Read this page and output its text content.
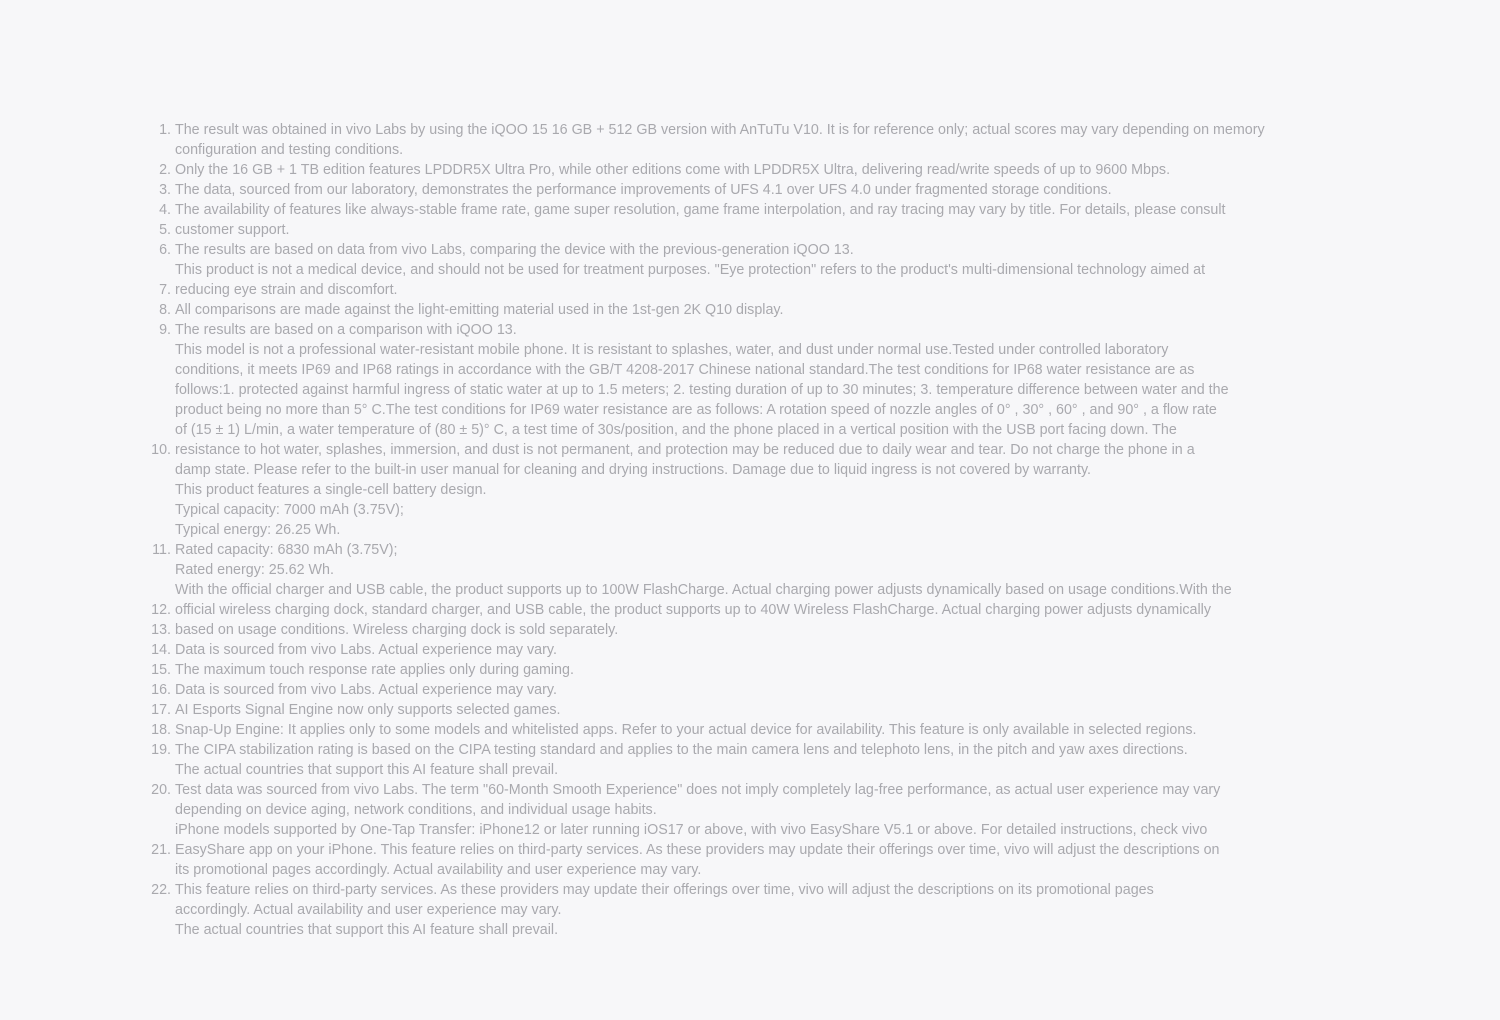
1. The result was obtained in vivo Labs by using the iQOO 15 16 GB + 512 GB version with AnTuTu V10. It is for reference only; actual scores may vary depending on memory
configuration and testing conditions.
2. Only the 16 GB + 1 TB edition features LPDDR5X Ultra Pro, while other editions come with LPDDR5X Ultra, delivering read/write speeds of up to 9600 Mbps.
3. The data, sourced from our laboratory, demonstrates the performance improvements of UFS 4.1 over UFS 4.0 under fragmented storage conditions.
4. The availability of features like always-stable frame rate, game super resolution, game frame interpolation, and ray tracing may vary by title. For details, please consult
5. customer support.
6. The results are based on data from vivo Labs, comparing the device with the previous-generation iQOO 13.
This product is not a medical device, and should not be used for treatment purposes. "Eye protection" refers to the product's multi-dimensional technology aimed at
7. reducing eye strain and discomfort.
8. All comparisons are made against the light-emitting material used in the 1st-gen 2K Q10 display.
9. The results are based on a comparison with iQOO 13.
This model is not a professional water-resistant mobile phone. It is resistant to splashes, water, and dust under normal use.Tested under controlled laboratory
conditions, it meets IP69 and IP68 ratings in accordance with the GB/T 4208-2017 Chinese national standard.The test conditions for IP68 water resistance are as
follows:1. protected against harmful ingress of static water at up to 1.5 meters; 2. testing duration of up to 30 minutes; 3. temperature difference between water and the
product being no more than 5° C.The test conditions for IP69 water resistance are as follows: A rotation speed of nozzle angles of 0° , 30° , 60° , and 90° , a flow rate
of (15 ± 1) L/min, a water temperature of (80 ± 5)° C, a test time of 30s/position, and the phone placed in a vertical position with the USB port facing down. The
10. resistance to hot water, splashes, immersion, and dust is not permanent, and protection may be reduced due to daily wear and tear. Do not charge the phone in a
damp state. Please refer to the built-in user manual for cleaning and drying instructions. Damage due to liquid ingress is not covered by warranty.
This product features a single-cell battery design.
Typical capacity: 7000 mAh (3.75V);
Typical energy: 26.25 Wh.
11. Rated capacity: 6830 mAh (3.75V);
Rated energy: 25.62 Wh.
With the official charger and USB cable, the product supports up to 100W FlashCharge. Actual charging power adjusts dynamically based on usage conditions.With the
12. official wireless charging dock, standard charger, and USB cable, the product supports up to 40W Wireless FlashCharge. Actual charging power adjusts dynamically
13. based on usage conditions. Wireless charging dock is sold separately.
14. Data is sourced from vivo Labs. Actual experience may vary.
15. The maximum touch response rate applies only during gaming.
16. Data is sourced from vivo Labs. Actual experience may vary.
17. AI Esports Signal Engine now only supports selected games.
18. Snap-Up Engine: It applies only to some models and whitelisted apps. Refer to your actual device for availability. This feature is only available in selected regions.
19. The CIPA stabilization rating is based on the CIPA testing standard and applies to the main camera lens and telephoto lens, in the pitch and yaw axes directions.
The actual countries that support this AI feature shall prevail.
20. Test data was sourced from vivo Labs. The term "60-Month Smooth Experience" does not imply completely lag-free performance, as actual user experience may vary
depending on device aging, network conditions, and individual usage habits.
iPhone models supported by One-Tap Transfer: iPhone12 or later running iOS17 or above, with vivo EasyShare V5.1 or above. For detailed instructions, check vivo
21. EasyShare app on your iPhone. This feature relies on third-party services. As these providers may update their offerings over time, vivo will adjust the descriptions on
its promotional pages accordingly. Actual availability and user experience may vary.
22. This feature relies on third-party services. As these providers may update their offerings over time, vivo will adjust the descriptions on its promotional pages
accordingly. Actual availability and user experience may vary.
The actual countries that support this AI feature shall prevail.
